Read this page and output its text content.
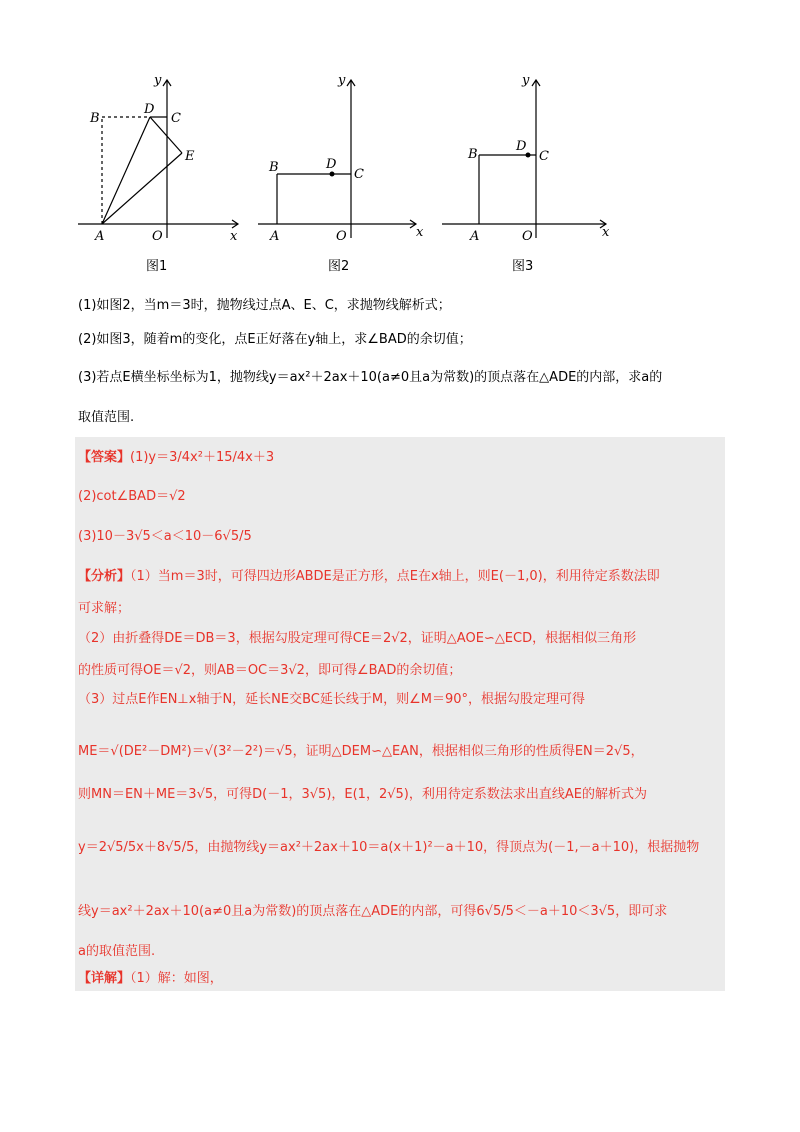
B
D
C
E
A	O	x
y
图1
B	D
C
A	O	x
y
图2
B
D
C
A	O	x
y
图3
(1)如图2，当m＝3时，抛物线过点A、E、C，求抛物线解析式；
(2)如图3，随着m的变化，点E正好落在y轴上，求∠BAD的余切值；
(3)若点E横坐标坐标为1，抛物线y＝ax²＋2ax＋10(a≠0且a为常数)的顶点落在△ADE的内部，求a的
取值范围.
【答案】(1)y＝3/4x²＋15/4x＋3
(2)cot∠BAD＝√2
(3)10－3√5＜a＜10－6√5/5
【分析】（1）当m＝3时，可得四边形ABDE是正方形，点E在x轴上，则E(－1,0)，利用待定系数法即
可求解；
（2）由折叠得DE＝DB＝3，根据勾股定理可得CE＝2√2，证明△AOE∽△ECD，根据相似三角形
的性质可得OE＝√2，则AB＝OC＝3√2，即可得∠BAD的余切值；
（3）过点E作EN⊥x轴于N，延长NE交BC延长线于M，则∠M＝90°，根据勾股定理可得
ME＝√(DE²－DM²)＝√(3²－2²)＝√5，证明△DEM∽△EAN，根据相似三角形的性质得EN＝2√5，
则MN＝EN＋ME＝3√5，可得D(－1，3√5)，E(1，2√5)，利用待定系数法求出直线AE的解析式为
y＝2√5/5x＋8√5/5，由抛物线y＝ax²＋2ax＋10＝a(x＋1)²－a＋10，得顶点为(－1,－a＋10)，根据抛物
线y＝ax²＋2ax＋10(a≠0且a为常数)的顶点落在△ADE的内部，可得6√5/5＜－a＋10＜3√5，即可求
a的取值范围.
【详解】（1）解：如图，
